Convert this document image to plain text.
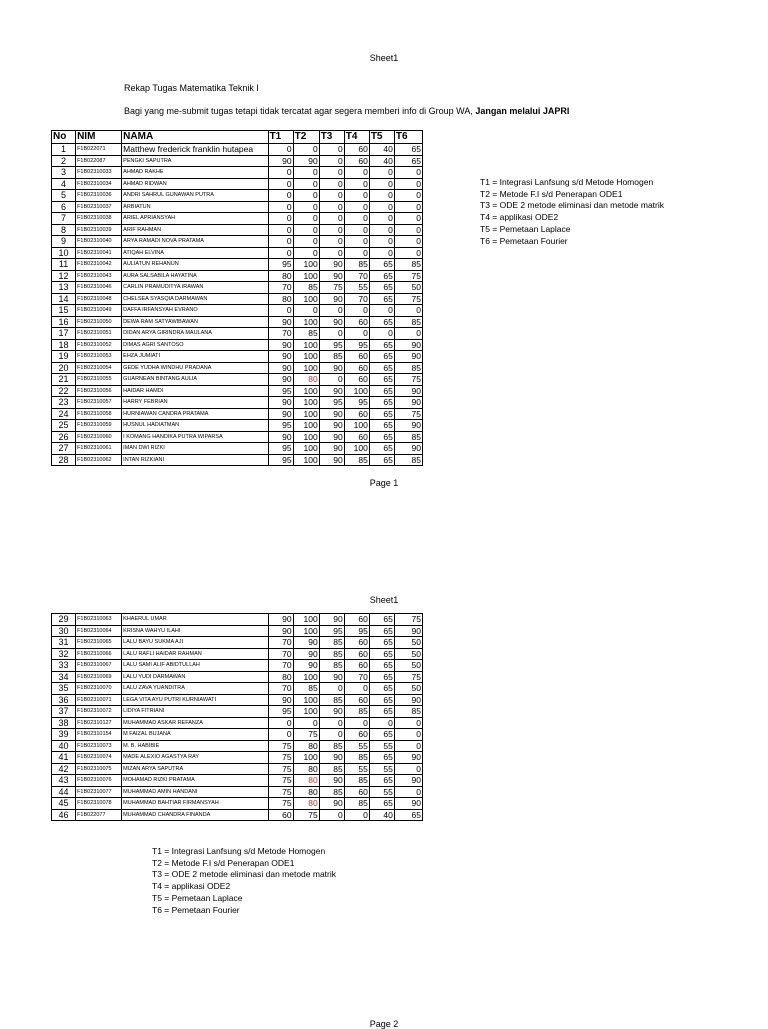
Sheet1
Rekap Tugas Matematika Teknik I
Bagi yang me-submit tugas tetapi tidak tercatat agar segera memberi info di Group WA, Jangan melalui JAPRI
No	NIM	NAMA	T1	T2	T3	T4	T5	T6
1	F1B022071	Matthew frederick franklin hutapea	0	0	0	60	40	65
2	F1B022087	PENGKI SAPUTRA	90	90	0	60	40	65
3	F1B02310033	AHMAD RAKHE	0	0	0	0	0	0
4	F1B02310034	AHMAD RIDWAN	0	0	0	0	0	0
5	F1B02310036	ANDRI SAHRUL GUNAWAN PUTRA	0	0	0	0	0	0
6	F1B02310037	ARBIATUN	0	0	0	0	0	0
7	F1B02310038	ARIEL APRIANSYAH	0	0	0	0	0	0
8	F1B02310039	ARIF RAHMAN	0	0	0	0	0	0
9	F1B02310040	ARYA RAMADI NOVA PRATAMA	0	0	0	0	0	0
10	F1B02310041	ATIQAH ELVINA	0	0	0	0	0	0
11	F1B02310042	AULIATUN REHANUN	95	100	90	85	65	85
12	F1B02310043	AURA SALSABILA HAYATINA	80	100	90	70	65	75
13	F1B02310046	CARLIN PRAMUDITYA IRAWAN	70	85	75	55	65	50
14	F1B02310048	CHELSEA SYASQIA DARMAWAN	80	100	90	70	65	75
15	F1B02310049	DAFFA IRFANSYAH EVRANO	0	0	0	0	0	0
16	F1B02310050	DEWA RAM SATYAWIBAWAN	90	100	90	60	65	85
17	F1B02310051	DIDAN ARYA GIRINDRA MAULANA	70	85	0	0	0	0
18	F1B02310052	DIMAS AGRI SANTOSO	90	100	95	95	65	90
19	F1B02310053	EHZA JUMIATI	90	100	85	60	65	90
20	F1B02310054	GEDE YUDHA WINDHU PRADANA	90	100	90	60	65	85
21	F1B02310055	GUARNEAN BINTANG AULIA	90	80	0	60	65	75
22	F1B02310056	HAIDAR HAMDI	95	100	90	100	65	90
23	F1B02310057	HARRY FEBRIAN	90	100	95	95	65	90
24	F1B02310058	HURNIAWAN CANDRA PRATAMA	90	100	90	60	65	75
25	F1B02310059	HUSNUL HADIATMAN	95	100	90	100	65	90
26	F1B02310060	I KOMANG HANDIKA PUTRA WIPARSA	90	100	90	60	65	85
27	F1B02310061	IMAN DWI RIZKI	95	100	90	100	65	90
28	F1B02310062	INTAN RIZKIANI	95	100	90	85	65	85
T1 = Integrasi Lanfsung s/d Metode Homogen
T2 = Metode F.I s/d Penerapan ODE1
T3 = ODE 2 metode eliminasi dan metode matrik
T4 = applikasi ODE2
T5 = Pemetaan Laplace
T6 = Pemetaan Fourier
Page 1
Sheet1
29	F1B02310063	KHAERUL UMAR	90	100	90	60	65	75
30	F1B02310064	KRISNA WAHYU ILAHI	90	100	95	95	65	90
31	F1B02310065	LALU BAYU SUKMA AJI	70	90	85	60	65	50
32	F1B02310066	LALU RAFLI HAIDAR RAHMAN	70	90	85	60	65	50
33	F1B02310067	LALU SAMI ALIF ABIDTULLAH	70	90	85	60	65	50
34	F1B02310069	LALU YUDI DARMAWAN	80	100	90	70	65	75
35	F1B02310070	LALU ZAVA YUANDITRA	70	85	0	0	65	50
36	F1B02310071	LEGA VITA AYU PUTRI KURNIAWATI	90	100	85	60	65	90
37	F1B02310072	LIDIYA FITRIANI	95	100	90	85	65	85
38	F1B02310127	MUHAMMAD ASKAR REFANZA	0	0	0	0	0	0
39	F1B02310154	M FAIZAL BUJANA	0	75	0	60	65	0
40	F1B02310073	M. B. HABIBIE	75	80	85	55	55	0
41	F1B02310074	MADE ALEXIO AGASTYA RAY	75	100	90	85	65	90
42	F1B02310075	MIZAN ARYA SAPUTRA	75	80	85	55	55	0
43	F1B02310076	MOHAMAD RIZKI PRATAMA	75	80	90	85	65	90
44	F1B02310077	MUHAMMAD AMIN HANDANI	75	80	85	60	55	0
45	F1B02310078	MUHAMMAD BAHTIAR FIRMANSYAH	75	80	90	85	65	90
46	F1B022077	MUHAMMAD CHANDRA FINANDA	60	75	0	0	40	65
T1 = Integrasi Lanfsung s/d Metode Homogen
T2 = Metode F.I s/d Penerapan ODE1
T3 = ODE 2 metode eliminasi dan metode matrik
T4 = applikasi ODE2
T5 = Pemetaan Laplace
T6 = Pemetaan Fourier
Page 2
